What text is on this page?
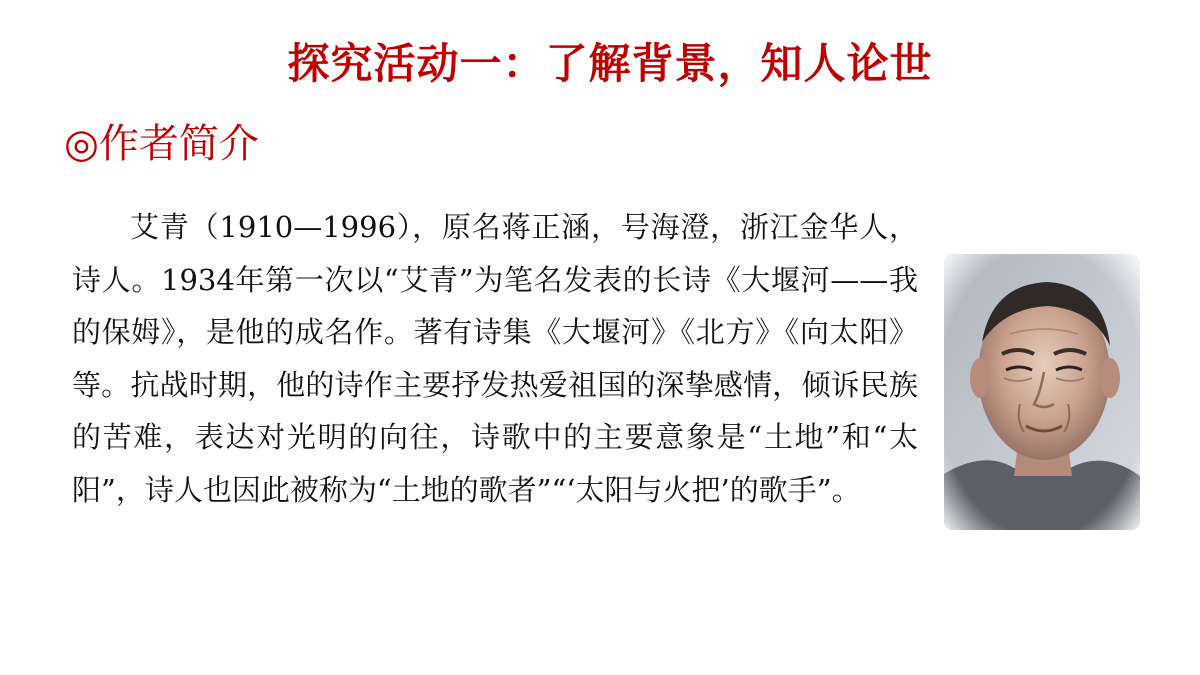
探究活动一：了解背景，知人论世
◎作者简介

艾青（1910—1996），原名蒋正涵，号海澄，浙江金华人，诗人。1934年第一次以“艾青”为笔名发表的长诗《大堰河——我的保姆》，是他的成名作。著有诗集《大堰河》《北方》《向太阳》等。抗战时期，他的诗作主要抒发热爱祖国的深挚感情，倾诉民族的苦难，表达对光明的向往，诗歌中的主要意象是“土地”和“太阳”，诗人也因此被称为“土地的歌者”“‘太阳与火把’的歌手”。
